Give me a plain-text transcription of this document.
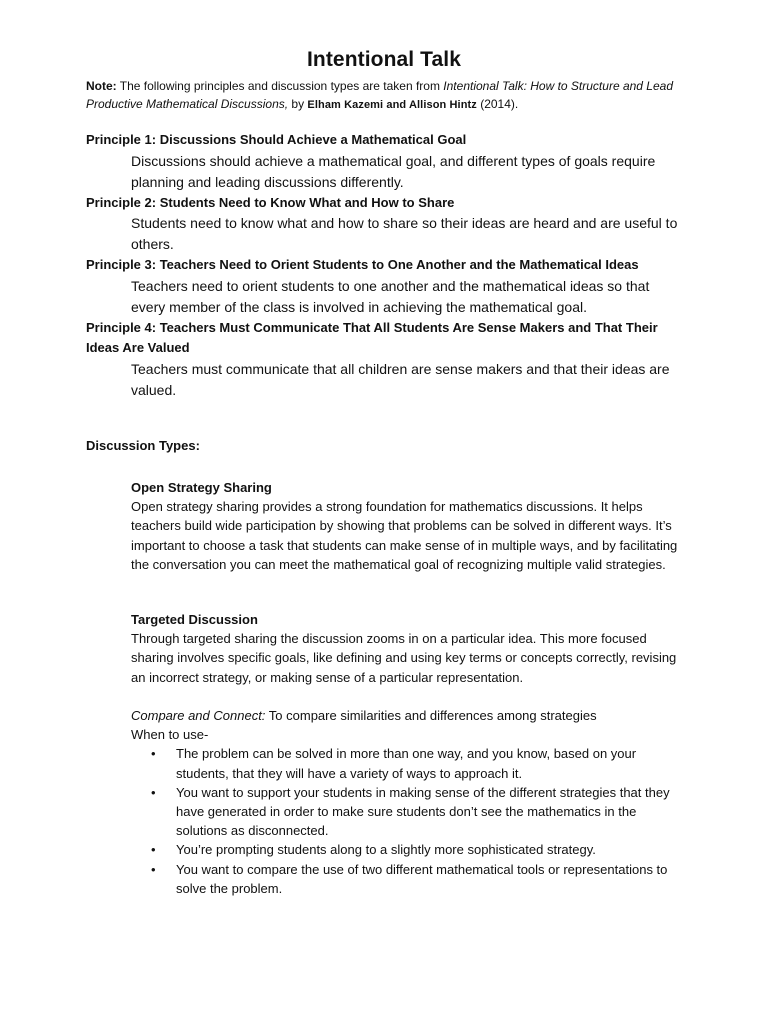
Intentional Talk
Note: The following principles and discussion types are taken from Intentional Talk: How to Structure and Lead Productive Mathematical Discussions, by Elham Kazemi and Allison Hintz (2014).
Principle 1: Discussions Should Achieve a Mathematical Goal
Discussions should achieve a mathematical goal, and different types of goals require planning and leading discussions differently.
Principle 2: Students Need to Know What and How to Share
Students need to know what and how to share so their ideas are heard and are useful to others.
Principle 3: Teachers Need to Orient Students to One Another and the Mathematical Ideas
Teachers need to orient students to one another and the mathematical ideas so that every member of the class is involved in achieving the mathematical goal.
Principle 4: Teachers Must Communicate That All Students Are Sense Makers and That Their Ideas Are Valued
Teachers must communicate that all children are sense makers and that their ideas are valued.
Discussion Types:
Open Strategy Sharing
Open strategy sharing provides a strong foundation for mathematics discussions. It helps teachers build wide participation by showing that problems can be solved in different ways. It’s important to choose a task that students can make sense of in multiple ways, and by facilitating the conversation you can meet the mathematical goal of recognizing multiple valid strategies.
Targeted Discussion
Through targeted sharing the discussion zooms in on a particular idea. This more focused sharing involves specific goals, like defining and using key terms or concepts correctly, revising an incorrect strategy, or making sense of a particular representation.
Compare and Connect: To compare similarities and differences among strategies
When to use-
• The problem can be solved in more than one way, and you know, based on your students, that they will have a variety of ways to approach it.
• You want to support your students in making sense of the different strategies that they have generated in order to make sure students don’t see the mathematics in the solutions as disconnected.
• You’re prompting students along to a slightly more sophisticated strategy.
• You want to compare the use of two different mathematical tools or representations to solve the problem.
